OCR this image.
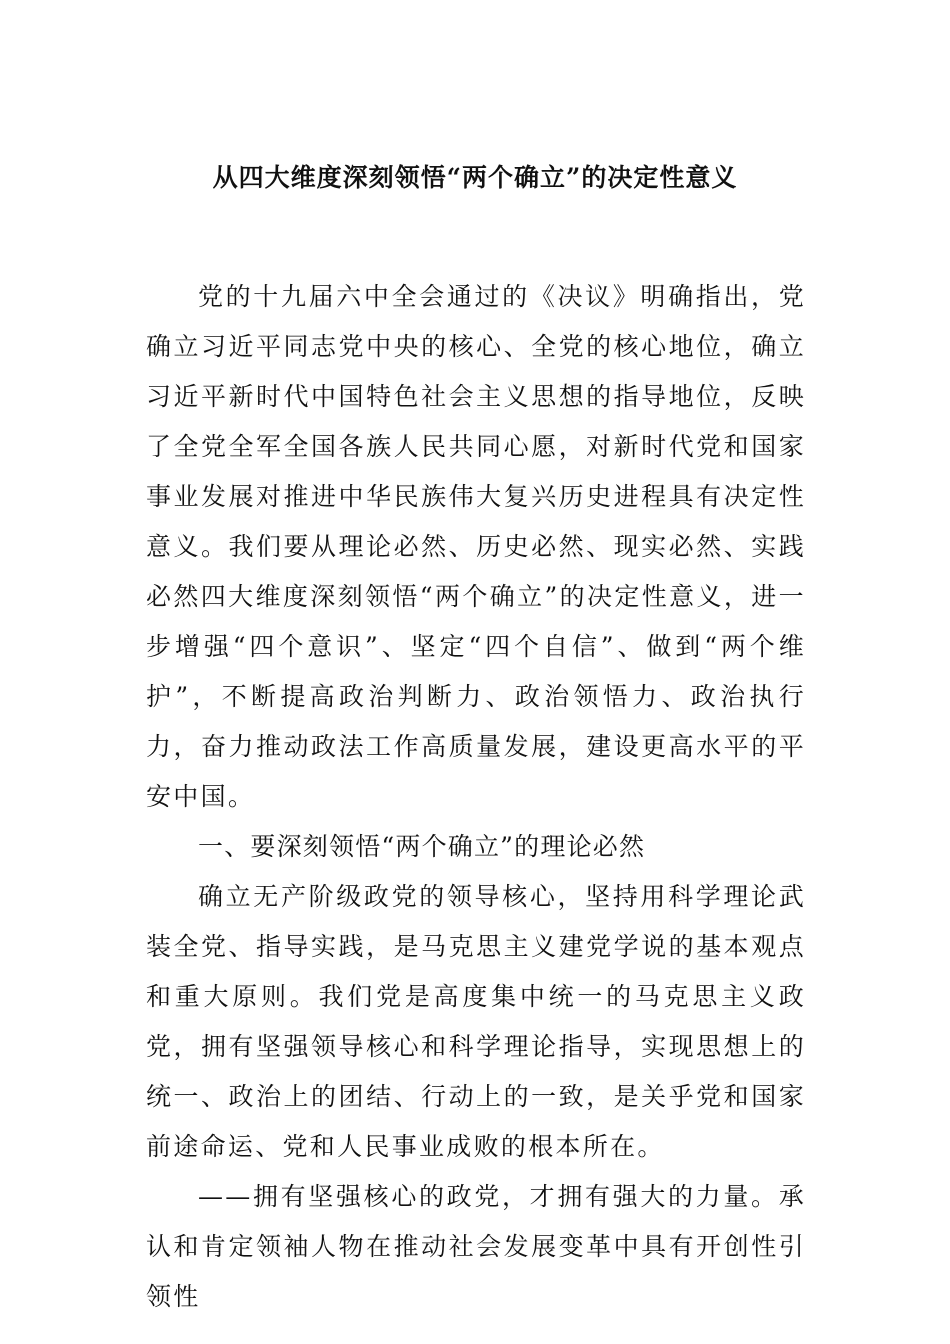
从四大维度深刻领悟“两个确立”的决定性意义

党的十九届六中全会通过的《决议》明确指出，党确立习近平同志党中央的核心、全党的核心地位，确立习近平新时代中国特色社会主义思想的指导地位，反映了全党全军全国各族人民共同心愿，对新时代党和国家事业发展对推进中华民族伟大复兴历史进程具有决定性意义。我们要从理论必然、历史必然、现实必然、实践必然四大维度深刻领悟“两个确立”的决定性意义，进一步增强“四个意识”、坚定“四个自信”、做到“两个维护”，不断提高政治判断力、政治领悟力、政治执行力，奋力推动政法工作高质量发展，建设更高水平的平安中国。

一、要深刻领悟“两个确立”的理论必然

确立无产阶级政党的领导核心，坚持用科学理论武装全党、指导实践，是马克思主义建党学说的基本观点和重大原则。我们党是高度集中统一的马克思主义政党，拥有坚强领导核心和科学理论指导，实现思想上的统一、政治上的团结、行动上的一致，是关乎党和国家前途命运、党和人民事业成败的根本所在。

——拥有坚强核心的政党，才拥有强大的力量。承认和肯定领袖人物在推动社会发展变革中具有开创性引领性
